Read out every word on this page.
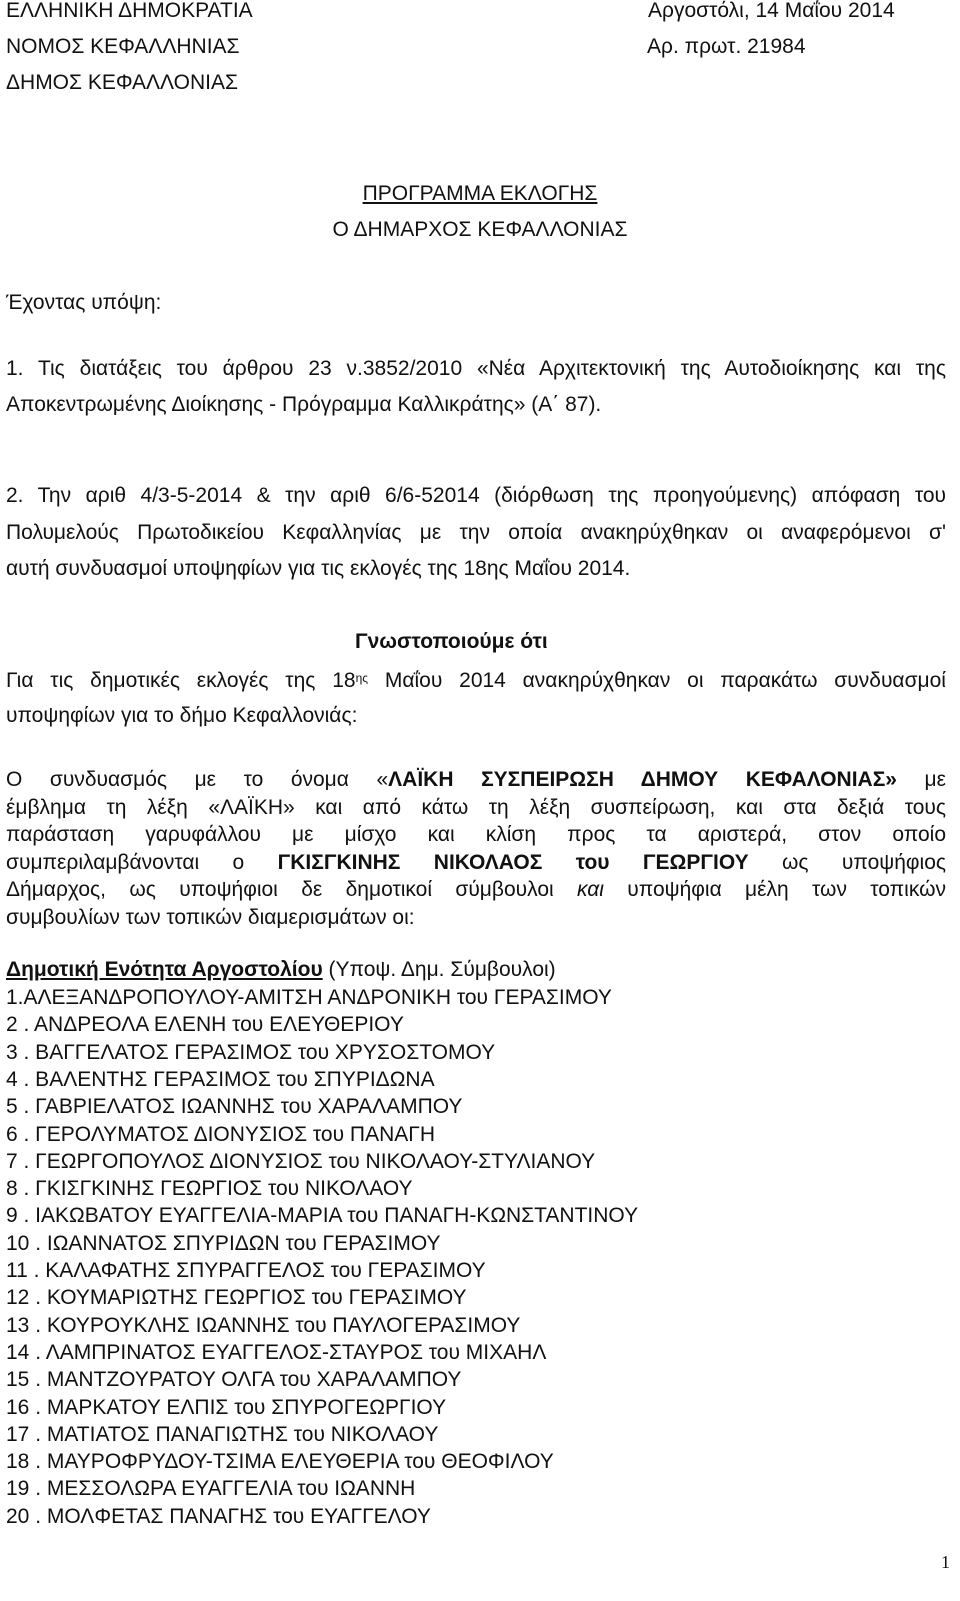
ΕΛΛΗΝΙΚΗ ΔΗΜΟΚΡΑΤΙΑ
ΝΟΜΟΣ ΚΕΦΑΛΛΗΝΙΑΣ
ΔΗΜΟΣ ΚΕΦΑΛΛΟΝΙΑΣ
Αργοστόλι, 14 Μαΐου 2014
Αρ. πρωτ. 21984
ΠΡΟΓΡΑΜΜΑ ΕΚΛΟΓΗΣ
Ο ΔΗΜΑΡΧΟΣ ΚΕΦΑΛΛΟΝΙΑΣ
Έχοντας υπόψη:
1. Τις διατάξεις του άρθρου 23 ν.3852/2010 «Νέα Αρχιτεκτονική της Αυτοδιοίκησης και της
Αποκεντρωμένης Διοίκησης - Πρόγραμμα Καλλικράτης» (Α΄ 87).
2. Την αριθ 4/3-5-2014 & την αριθ 6/6-52014 (διόρθωση της προηγούμενης) απόφαση του
Πολυμελούς Πρωτοδικείου Κεφαλληνίας με την οποία ανακηρύχθηκαν οι αναφερόμενοι σ'
αυτή συνδυασμοί υποψηφίων για τις εκλογές της 18ης Μαΐου 2014.
Γνωστοποιούμε ότι
Για τις δημοτικές εκλογές της $18^{\eta\varsigma}$ Μαΐου 2014 ανακηρύχθηκαν οι παρακάτω συνδυασμοί
υποψηφίων για το δήμο Κεφαλλονιάς:
Ο συνδυασμός με το όνομα «ΛΑΪΚΗ ΣΥΣΠΕΙΡΩΣΗ ΔΗΜΟΥ ΚΕΦΑΛΟΝΙΑΣ» με
έμβλημα τη λέξη «ΛΑΪΚΗ» και από κάτω τη λέξη συσπείρωση, και στα δεξιά τους
παράσταση γαρυφάλλου με μίσχο και κλίση προς τα αριστερά, στον οποίο
συμπεριλαμβάνονται ο ΓΚΙΣΓΚΙΝΗΣ ΝΙΚΟΛΑΟΣ του ΓΕΩΡΓΙΟΥ ως υποψήφιος
Δήμαρχος, ως υποψήφιοι δε δημοτικοί σύμβουλοι και υποψήφια μέλη των τοπικών
συμβουλίων των τοπικών διαμερισμάτων οι:
Δημοτική Ενότητα Αργοστολίου (Υποψ. Δημ. Σύμβουλοι)
1.ΑΛΕΞΑΝΔΡΟΠΟΥΛΟΥ-ΑΜΙΤΣΗ ΑΝΔΡΟΝΙΚΗ του ΓΕΡΑΣΙΜΟΥ
2 . ΑΝΔΡΕΟΛΑ ΕΛΕΝΗ του ΕΛΕΥΘΕΡΙΟΥ
3 . ΒΑΓΓΕΛΑΤΟΣ ΓΕΡΑΣΙΜΟΣ του ΧΡΥΣΟΣΤΟΜΟΥ
4 . ΒΑΛΕΝΤΗΣ ΓΕΡΑΣΙΜΟΣ του ΣΠΥΡΙΔΩΝΑ
5 . ΓΑΒΡΙΕΛΑΤΟΣ ΙΩΑΝΝΗΣ του ΧΑΡΑΛΑΜΠΟΥ
6 . ΓΕΡΟΛΥΜΑΤΟΣ ΔΙΟΝΥΣΙΟΣ του ΠΑΝΑΓΗ
7 . ΓΕΩΡΓΟΠΟΥΛΟΣ ΔΙΟΝΥΣΙΟΣ του ΝΙΚΟΛΑΟΥ-ΣΤΥΛΙΑΝΟΥ
8 . ΓΚΙΣΓΚΙΝΗΣ ΓΕΩΡΓΙΟΣ του ΝΙΚΟΛΑΟΥ
9 . ΙΑΚΩΒΑΤΟΥ ΕΥΑΓΓΕΛΙΑ-ΜΑΡΙΑ του ΠΑΝΑΓΗ-ΚΩΝΣΤΑΝΤΙΝΟΥ
10 . ΙΩΑΝΝΑΤΟΣ ΣΠΥΡΙΔΩΝ του ΓΕΡΑΣΙΜΟΥ
11 . ΚΑΛΑΦΑΤΗΣ ΣΠΥΡΑΓΓΕΛΟΣ του ΓΕΡΑΣΙΜΟΥ
12 . ΚΟΥΜΑΡΙΩΤΗΣ ΓΕΩΡΓΙΟΣ του ΓΕΡΑΣΙΜΟΥ
13 . ΚΟΥΡΟΥΚΛΗΣ ΙΩΑΝΝΗΣ του ΠΑΥΛΟΓΕΡΑΣΙΜΟΥ
14 . ΛΑΜΠΡΙΝΑΤΟΣ ΕΥΑΓΓΕΛΟΣ-ΣΤΑΥΡΟΣ του ΜΙΧΑΗΛ
15 . ΜΑΝΤΖΟΥΡΑΤΟΥ ΟΛΓΑ του ΧΑΡΑΛΑΜΠΟΥ
16 . ΜΑΡΚΑΤΟΥ ΕΛΠΙΣ του ΣΠΥΡΟΓΕΩΡΓΙΟΥ
17 . ΜΑΤΙΑΤΟΣ ΠΑΝΑΓΙΩΤΗΣ του ΝΙΚΟΛΑΟΥ
18 . ΜΑΥΡΟΦΡΥΔΟΥ-ΤΣΙΜΑ ΕΛΕΥΘΕΡΙΑ του ΘΕΟΦΙΛΟΥ
19 . ΜΕΣΣΟΛΩΡΑ ΕΥΑΓΓΕΛΙΑ του ΙΩΑΝΝΗ
20 . ΜΟΛΦΕΤΑΣ ΠΑΝΑΓΗΣ του ΕΥΑΓΓΕΛΟΥ
1
